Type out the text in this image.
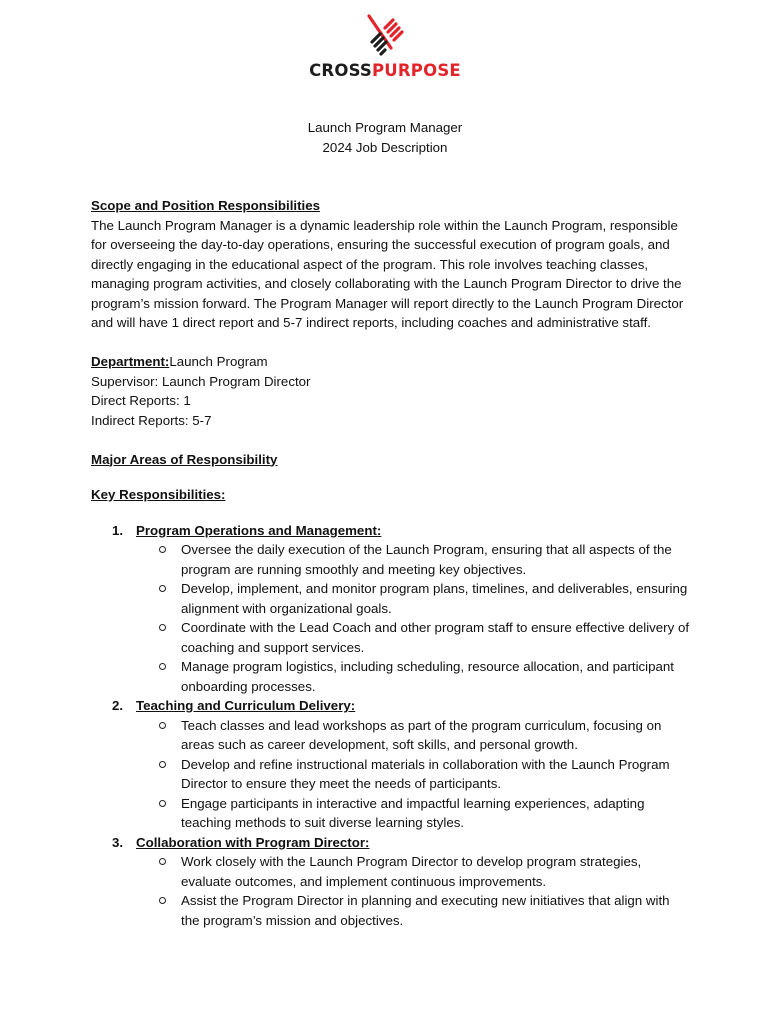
CROSSPURPOSE
Launch Program Manager
2024 Job Description

Scope and Position Responsibilities

The Launch Program Manager is a dynamic leadership role within the Launch Program, responsible for overseeing the day-to-day operations, ensuring the successful execution of program goals, and directly engaging in the educational aspect of the program. This role involves teaching classes, managing program activities, and closely collaborating with the Launch Program Director to drive the program’s mission forward. The Program Manager will report directly to the Launch Program Director and will have 1 direct report and 5-7 indirect reports, including coaches and administrative staff.

Department:Launch Program

Supervisor: Launch Program Director

Direct Reports: 1

Indirect Reports: 5-7

Major Areas of Responsibility

Key Responsibilities:

1. Program Operations and Management:
Oversee the daily execution of the Launch Program, ensuring that all aspects of the program are running smoothly and meeting key objectives.
Develop, implement, and monitor program plans, timelines, and deliverables, ensuring alignment with organizational goals.
Coordinate with the Lead Coach and other program staff to ensure effective delivery of coaching and support services.
Manage program logistics, including scheduling, resource allocation, and participant onboarding processes.
2. Teaching and Curriculum Delivery:
Teach classes and lead workshops as part of the program curriculum, focusing on areas such as career development, soft skills, and personal growth.
Develop and refine instructional materials in collaboration with the Launch Program Director to ensure they meet the needs of participants.
Engage participants in interactive and impactful learning experiences, adapting teaching methods to suit diverse learning styles.
3. Collaboration with Program Director:
Work closely with the Launch Program Director to develop program strategies, evaluate outcomes, and implement continuous improvements.
Assist the Program Director in planning and executing new initiatives that align with the program’s mission and objectives.
